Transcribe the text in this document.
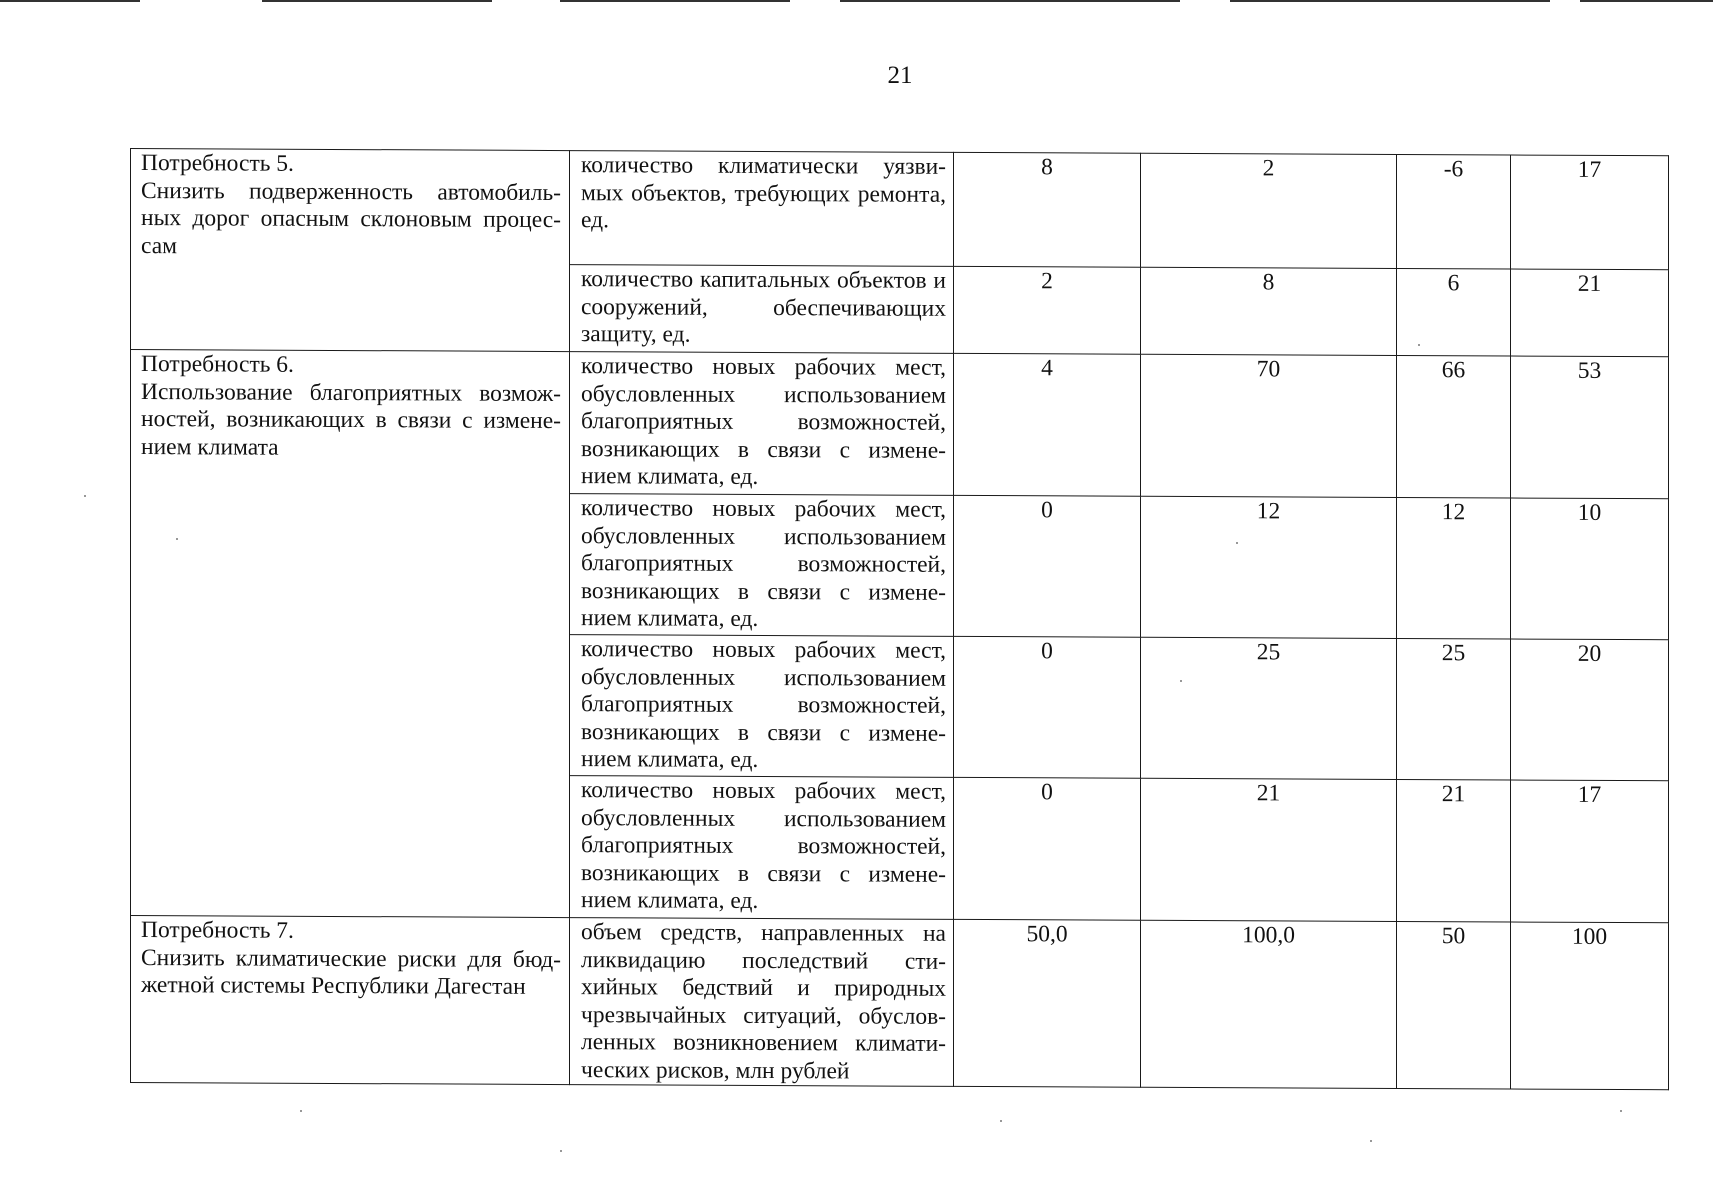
21
Потребность 5.
Снизить подверженность автомобиль-ных дорог опасным склоновым процес-сам	количество климатически уязви-мых объектов, требующих ремонта, ед.	8	2	-6	17
	количество капитальных объектов и сооружений, обеспечивающих защиту, ед.	2	8	6	21

Потребность 6.
Использование благоприятных возмож-ностей, возникающих в связи с измене-нием климата	количество новых рабочих мест, обусловленных использованием благоприятных возможностей, возникающих в связи с измене-нием климата, ед.	4	70	66	53
	количество новых рабочих мест, обусловленных использованием благоприятных возможностей, возникающих в связи с измене-нием климата, ед.	0	12	12	10
	количество новых рабочих мест, обусловленных использованием благоприятных возможностей, возникающих в связи с измене-нием климата, ед.	0	25	25	20
	количество новых рабочих мест, обусловленных использованием благоприятных возможностей, возникающих в связи с измене-нием климата, ед.	0	21	21	17

Потребность 7.
Снизить климатические риски для бюд-жетной системы Республики Дагестан	объем средств, направленных на ликвидацию последствий сти-хийных бедствий и природных чрезвычайных ситуаций, обуслов-ленных возникновением климати-ческих рисков, млн рублей	50,0	100,0	50	100
